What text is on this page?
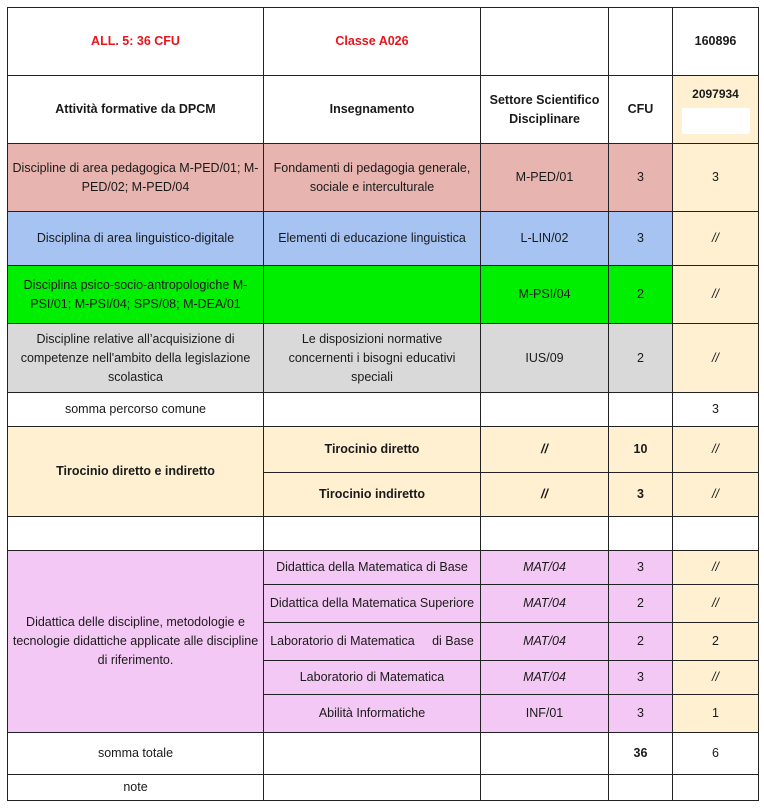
ALL. 5: 36 CFU	Classe A026			160896
Attività formative da DPCM	Insegnamento	Settore Scientifico Disciplinare	CFU	2097934

Discipline di area pedagogica M-PED/01; M-PED/02; M-PED/04	Fondamenti di pedagogia generale, sociale e interculturale	M-PED/01	3	3
Disciplina di area linguistico-digitale	Elementi di educazione linguistica	L-LIN/02	3	//
Disciplina psico-socio-antropologiche M-PSI/01; M-PSI/04; SPS/08; M-DEA/01		M-PSI/04	2	//
Discipline relative all’acquisizione di competenze nell'ambito della legislazione scolastica	Le disposizioni normative concernenti i bisogni educativi speciali	IUS/09	2	//
somma percorso comune				3
Tirocinio diretto e indiretto	Tirocinio diretto	//	10	//
	Tirocinio indiretto	//	3	//

Didattica delle discipline, metodologie e tecnologie didattiche applicate alle discipline di riferimento.	Didattica della Matematica di Base	MAT/04	3	//
	Didattica della Matematica Superiore	MAT/04	2	//
	Laboratorio di Matematica     di Base	MAT/04	2	2
	Laboratorio di Matematica	MAT/04	3	//
	Abilità Informatiche	INF/01	3	1
somma totale			36	6
note				
